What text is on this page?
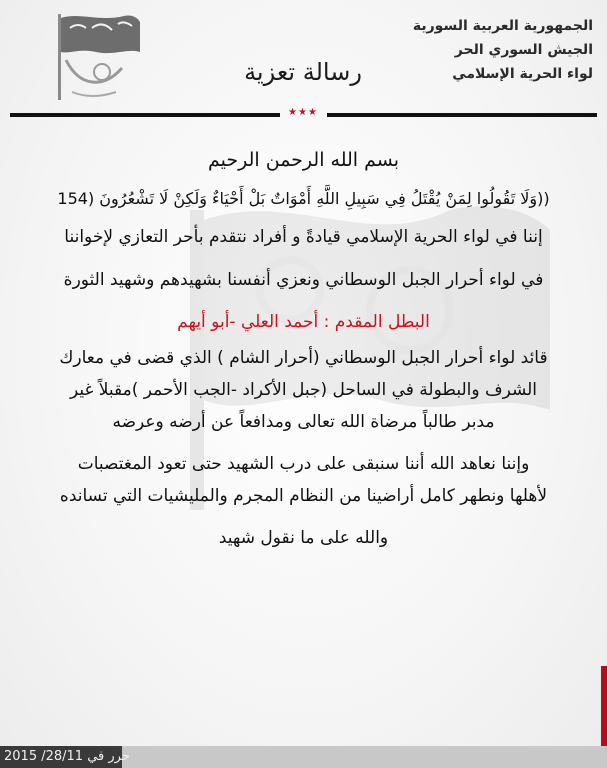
الجمهورية العربية السورية
الجيش السوري الحر
لواء الحرية الإسلامي
رسالة تعزية
★★★
بسم الله الرحمن الرحيم
((وَلَا تَقُولُوا لِمَنْ يُقْتَلُ فِي سَبِيلِ اللَّهِ أَمْوَاتٌ بَلْ أَحْيَاءٌ وَلَكِنْ لَا تَشْعُرُونَ (154
إننا في لواء الحرية الإسلامي قيادةً و أفراد نتقدم بأحر التعازي لإخواننا
في لواء أحرار الجبل الوسطاني ونعزي أنفسنا بشهيدهم وشهيد الثورة
البطل المقدم : أحمد العلي -أبو أيهم
قائد لواء أحرار الجبل الوسطاني (أحرار الشام ) الذي قضى في معارك
الشرف والبطولة في الساحل (جبل الأكراد -الجب الأحمر )مقبلاً غير
مدبر طالباً مرضاة الله تعالى ومدافعاً عن أرضه وعرضه
وإننا نعاهد الله أننا سنبقى على درب الشهيد حتى تعود المغتصبات
لأهلها ونطهر كامل أراضينا من النظام المجرم والمليشيات التي تسانده
والله على ما نقول شهيد
حرر في 28/11/ 2015
